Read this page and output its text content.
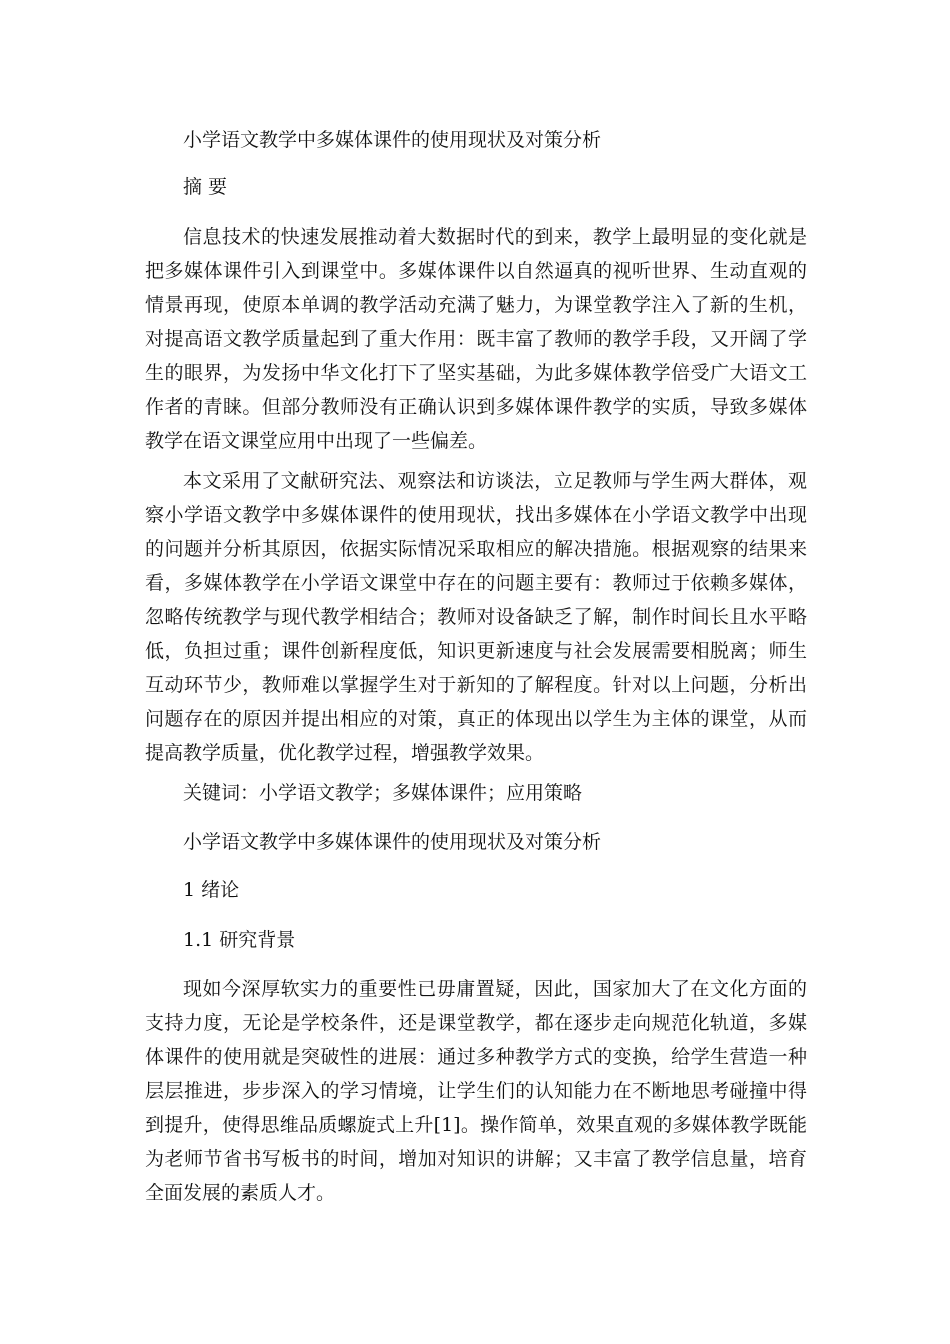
小学语文教学中多媒体课件的使用现状及对策分析
摘 要

信息技术的快速发展推动着大数据时代的到来，教学上最明显的变化就是把多媒体课件引入到课堂中。多媒体课件以自然逼真的视听世界、生动直观的情景再现，使原本单调的教学活动充满了魅力，为课堂教学注入了新的生机，对提高语文教学质量起到了重大作用：既丰富了教师的教学手段，又开阔了学生的眼界，为发扬中华文化打下了坚实基础，为此多媒体教学倍受广大语文工作者的青睐。但部分教师没有正确认识到多媒体课件教学的实质，导致多媒体教学在语文课堂应用中出现了一些偏差。

本文采用了文献研究法、观察法和访谈法，立足教师与学生两大群体，观察小学语文教学中多媒体课件的使用现状，找出多媒体在小学语文教学中出现的问题并分析其原因，依据实际情况采取相应的解决措施。根据观察的结果来看，多媒体教学在小学语文课堂中存在的问题主要有：教师过于依赖多媒体，忽略传统教学与现代教学相结合；教师对设备缺乏了解，制作时间长且水平略低，负担过重；课件创新程度低，知识更新速度与社会发展需要相脱离；师生互动环节少，教师难以掌握学生对于新知的了解程度。针对以上问题，分析出问题存在的原因并提出相应的对策，真正的体现出以学生为主体的课堂，从而提高教学质量，优化教学过程，增强教学效果。

关键词：小学语文教学；多媒体课件；应用策略
小学语文教学中多媒体课件的使用现状及对策分析
1 绪论
1.1 研究背景

现如今深厚软实力的重要性已毋庸置疑，因此，国家加大了在文化方面的支持力度，无论是学校条件，还是课堂教学，都在逐步走向规范化轨道，多媒体课件的使用就是突破性的进展：通过多种教学方式的变换，给学生营造一种层层推进，步步深入的学习情境，让学生们的认知能力在不断地思考碰撞中得到提升，使得思维品质螺旋式上升[1]。操作简单，效果直观的多媒体教学既能为老师节省书写板书的时间，增加对知识的讲解；又丰富了教学信息量，培育全面发展的素质人才。
